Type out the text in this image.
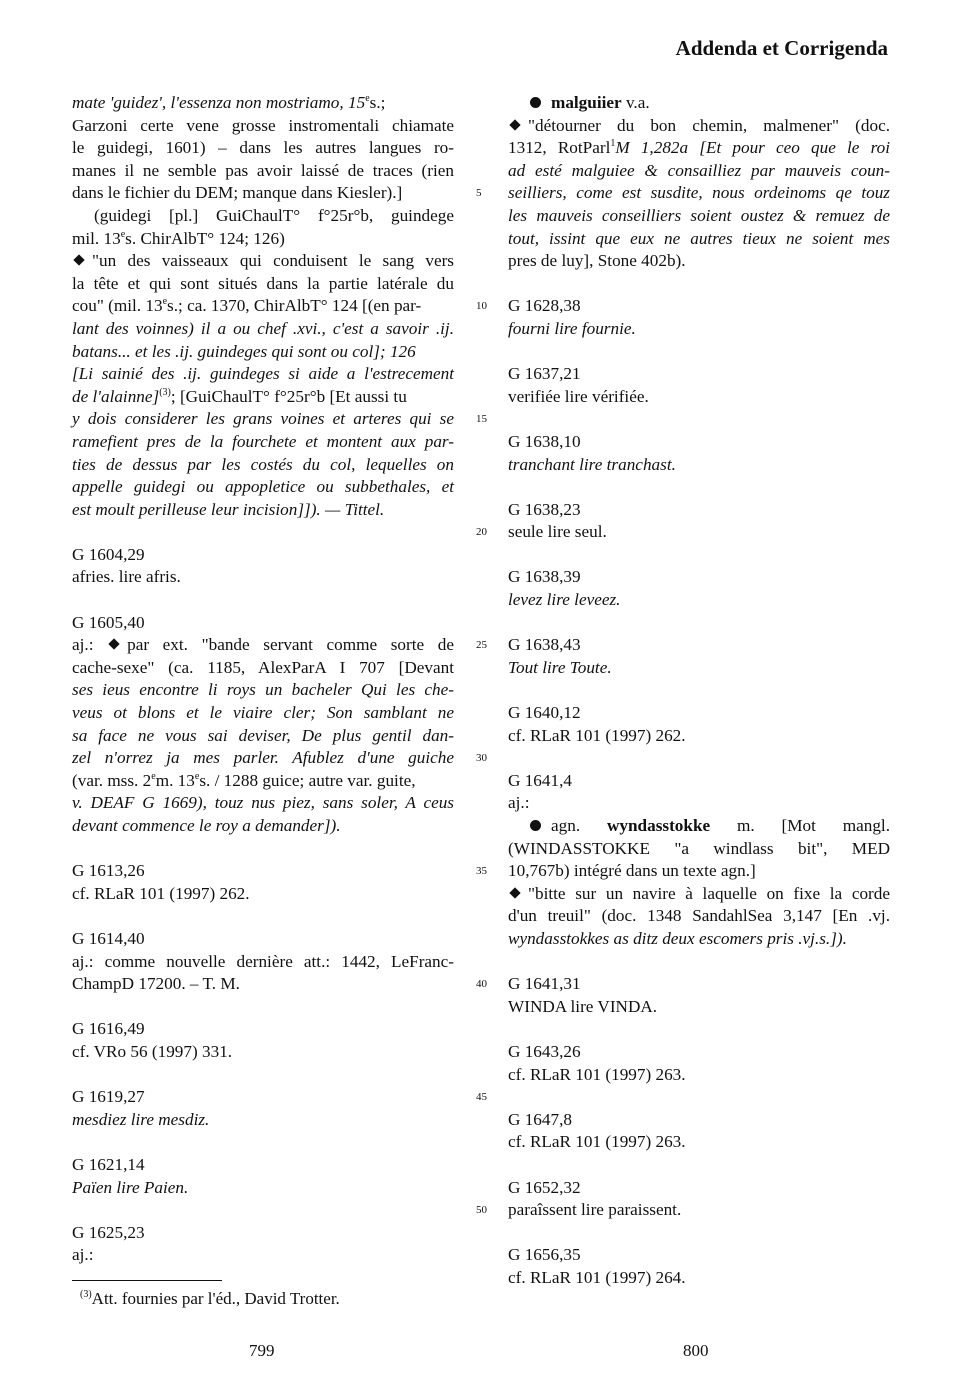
Addenda et Corrigenda
mate 'guidez', l'essenza non mostriamo, 15es.;
Garzoni certe vene grosse instromentali chiamate
le guidegi, 1601) – dans les autres langues ro-
manes il ne semble pas avoir laissé de traces (rien
dans le fichier du DEM; manque dans Kiesler).]
(guidegi [pl.] GuiChaulT° f°25r°b, guindege
mil. 13es. ChirAlbT° 124; 126)
"un des vaisseaux qui conduisent le sang vers
la tête et qui sont situés dans la partie latérale du
cou" (mil. 13es.; ca. 1370, ChirAlbT° 124 [(en par-
lant des voinnes) il a ou chef .xvi., c'est a savoir .ij.
batans... et les .ij. guindeges qui sont ou col]; 126
[Li sainié des .ij. guindeges si aide a l'estrecement
de l'alainne]$^{(3)}$; [GuiChaulT° f°25r°b [Et aussi tu
y dois considerer les grans voines et arteres qui se
ramefient pres de la fourchete et montent aux par-
ties de dessus par les costés du col, lequelles on
appelle guidegi ou appopletice ou subbethales, et
est moult perilleuse leur incision]]). — Tittel.
G 1604,29
afries. lire afris.
G 1605,40
aj.: par ext. "bande servant comme sorte de
cache-sexe" (ca. 1185, AlexParA I 707 [Devant
ses ieus encontre li roys un bacheler Qui les che-
veus ot blons et le viaire cler; Son samblant ne
sa face ne vous sai deviser, De plus gentil dan-
zel n'orrez ja mes parler. Afublez d'une guiche
(var. mss. 2em. 13es. / 1288 guice; autre var. guite,
v. DEAF G 1669), touz nus piez, sans soler, A ceus
devant commence le roy a demander]).
G 1613,26
cf. RLaR 101 (1997) 262.
G 1614,40
aj.: comme nouvelle dernière att.: 1442, LeFranc-
ChampD 17200. – T. M.
G 1616,49
cf. VRo 56 (1997) 331.
G 1619,27
mesdiez lire mesdiz.
G 1621,14
Païen lire Paien.
G 1625,23
aj.:
malguiier v.a.
"détourner du bon chemin, malmener" (doc.
1312, RotParl$^1$M 1,282a [Et pour ceo que le roi
ad esté malguiee & consailliez par mauveis coun-
seilliers, come est susdite, nous ordeinoms qe touz
les mauveis conseilliers soient oustez & remuez de
tout, issint que eux ne autres tieux ne soient mes
pres de luy], Stone 402b).
G 1628,38
fourni lire fournie.
G 1637,21
verifiée lire vérifiée.
G 1638,10
tranchant lire tranchast.
G 1638,23
seule lire seul.
G 1638,39
levez lire leveez.
G 1638,43
Tout lire Toute.
G 1640,12
cf. RLaR 101 (1997) 262.
G 1641,4
aj.:
agn. wyndasstokke m. [Mot mangl.
(WINDASSTOKKE "a windlass bit", MED
10,767b) intégré dans un texte agn.]
"bitte sur un navire à laquelle on fixe la corde
d'un treuil" (doc. 1348 SandahlSea 3,147 [En .vj.
wyndasstokkes as ditz deux escomers pris .vj.s.]).
G 1641,31
WINDA lire VINDA.
G 1643,26
cf. RLaR 101 (1997) 263.
G 1647,8
cf. RLaR 101 (1997) 263.
G 1652,32
paraîssent lire paraissent.
G 1656,35
cf. RLaR 101 (1997) 264.
5
10
15
20
25
30
35
40
45
50
$^{(3)}$Att. fournies par l'éd., David Trotter.
799	800
